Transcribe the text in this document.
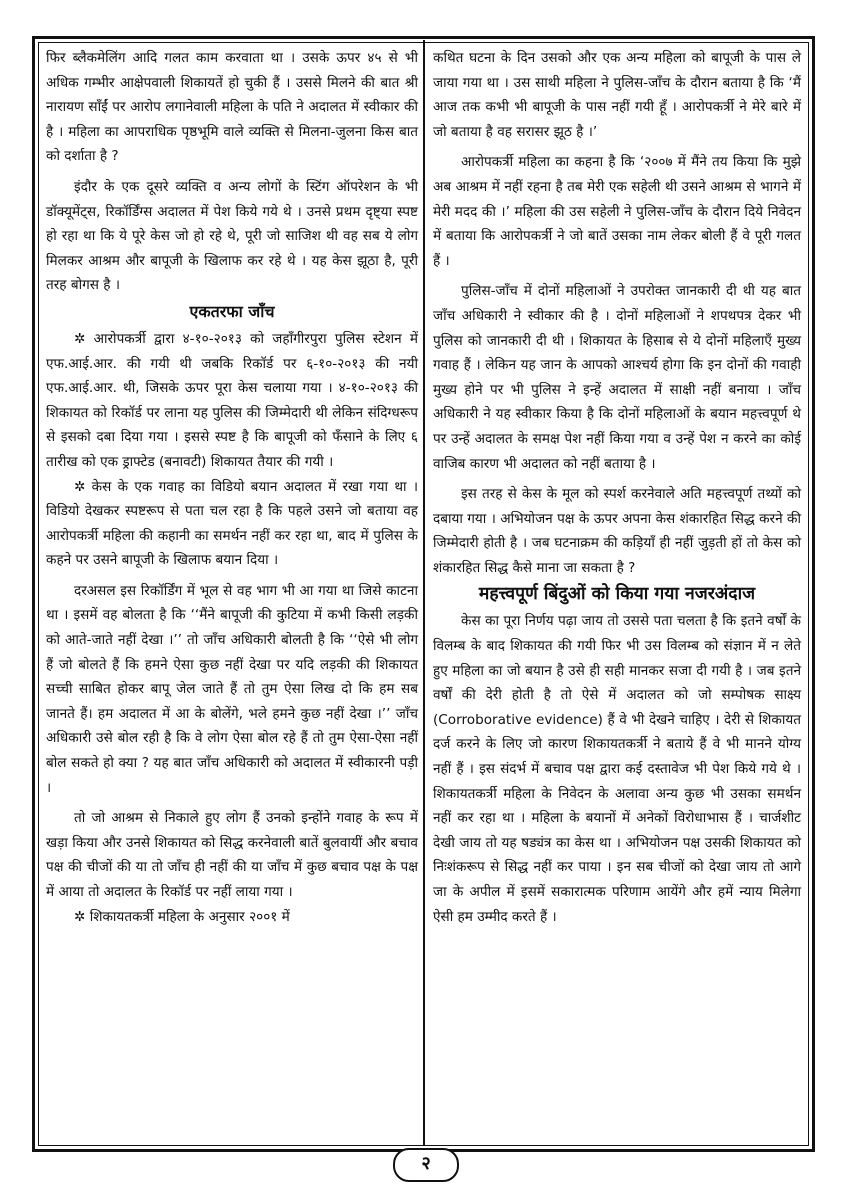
फिर ब्लैकमेलिंग आदि गलत काम करवाता था । उसके ऊपर ४५ से भी अधिक गम्भीर आक्षेपवाली शिकायतें हो चुकी हैं । उससे मिलने की बात श्री नारायण साँईं पर आरोप लगानेवाली महिला के पति ने अदालत में स्वीकार की है । महिला का आपराधिक पृष्ठभूमि वाले व्यक्ति से मिलना-जुलना किस बात को दर्शाता है ?

इंदौर के एक दूसरे व्यक्ति व अन्य लोगों के स्टिंग ऑपरेशन के भी डॉक्यूमेंट्स, रिकॉर्डिंग्स अदालत में पेश किये गये थे । उनसे प्रथम दृष्ट्या स्पष्ट हो रहा था कि ये पूरे केस जो हो रहे थे, पूरी जो साजिश थी वह सब ये लोग मिलकर आश्रम और बापूजी के खिलाफ कर रहे थे । यह केस झूठा है, पूरी तरह बोगस है ।

एकतरफा जाँच

✲ आरोपकर्त्री द्वारा ४-१०-२०१३ को जहाँगीरपुरा पुलिस स्टेशन में एफ.आई.आर. की गयी थी जबकि रिकॉर्ड पर ६-१०-२०१३ की नयी एफ.आई.आर. थी, जिसके ऊपर पूरा केस चलाया गया । ४-१०-२०१३ की शिकायत को रिकॉर्ड पर लाना यह पुलिस की जिम्मेदारी थी लेकिन संदिग्धरूप से इसको दबा दिया गया । इससे स्पष्ट है कि बापूजी को फँसाने के लिए ६ तारीख को एक ड्राफ्टेड (बनावटी) शिकायत तैयार की गयी ।

✲ केस के एक गवाह का विडियो बयान अदालत में रखा गया था । विडियो देखकर स्पष्टरूप से पता चल रहा है कि पहले उसने जो बताया वह आरोपकर्त्री महिला की कहानी का समर्थन नहीं कर रहा था, बाद में पुलिस के कहने पर उसने बापूजी के खिलाफ बयान दिया ।

दरअसल इस रिकॉर्डिंग में भूल से वह भाग भी आ गया था जिसे काटना था । इसमें वह बोलता है कि ‘‘मैंने बापूजी की कुटिया में कभी किसी लड़की को आते-जाते नहीं देखा ।’’ तो जाँच अधिकारी बोलती है कि ‘‘ऐसे भी लोग हैं जो बोलते हैं कि हमने ऐसा कुछ नहीं देखा पर यदि लड़की की शिकायत सच्ची साबित होकर बापू जेल जाते हैं तो तुम ऐसा लिख दो कि हम सब जानते हैं। हम अदालत में आ के बोलेंगे, भले हमने कुछ नहीं देखा ।’’ जाँच अधिकारी उसे बोल रही है कि वे लोग ऐसा बोल रहे हैं तो तुम ऐसा-ऐसा नहीं बोल सकते हो क्या ? यह बात जाँच अधिकारी को अदालत में स्वीकारनी पड़ी ।

तो जो आश्रम से निकाले हुए लोग हैं उनको इन्होंने गवाह के रूप में खड़ा किया और उनसे शिकायत को सिद्ध करनेवाली बातें बुलवायीं और बचाव पक्ष की चीजों की या तो जाँच ही नहीं की या जाँच में कुछ बचाव पक्ष के पक्ष में आया तो अदालत के रिकॉर्ड पर नहीं लाया गया ।

✲ शिकायतकर्त्री महिला के अनुसार २००१ में

कथित घटना के दिन उसको और एक अन्य महिला को बापूजी के पास ले जाया गया था । उस साथी महिला ने पुलिस-जाँच के दौरान बताया है कि ‘मैं आज तक कभी भी बापूजी के पास नहीं गयी हूँ । आरोपकर्त्री ने मेरे बारे में जो बताया है वह सरासर झूठ है ।’

आरोपकर्त्री महिला का कहना है कि ‘२००७ में मैंने तय किया कि मुझे अब आश्रम में नहीं रहना है तब मेरी एक सहेली थी उसने आश्रम से भागने में मेरी मदद की ।’ महिला की उस सहेली ने पुलिस-जाँच के दौरान दिये निवेदन में बताया कि आरोपकर्त्री ने जो बातें उसका नाम लेकर बोली हैं वे पूरी गलत हैं ।

पुलिस-जाँच में दोनों महिलाओं ने उपरोक्त जानकारी दी थी यह बात जाँच अधिकारी ने स्वीकार की है । दोनों महिलाओं ने शपथपत्र देकर भी पुलिस को जानकारी दी थी । शिकायत के हिसाब से ये दोनों महिलाएँ मुख्य गवाह हैं । लेकिन यह जान के आपको आश्चर्य होगा कि इन दोनों की गवाही मुख्य होने पर भी पुलिस ने इन्हें अदालत में साक्षी नहीं बनाया । जाँच अधिकारी ने यह स्वीकार किया है कि दोनों महिलाओं के बयान महत्त्वपूर्ण थे पर उन्हें अदालत के समक्ष पेश नहीं किया गया व उन्हें पेश न करने का कोई वाजिब कारण भी अदालत को नहीं बताया है ।

इस तरह से केस के मूल को स्पर्श करनेवाले अति महत्त्वपूर्ण तथ्यों को दबाया गया । अभियोजन पक्ष के ऊपर अपना केस शंकारहित सिद्ध करने की जिम्मेदारी होती है । जब घटनाक्रम की कड़ियाँ ही नहीं जुड़ती हों तो केस को शंकारहित सिद्ध कैसे माना जा सकता है ?

महत्त्वपूर्ण बिंदुओं को किया गया नजरअंदाज

केस का पूरा निर्णय पढ़ा जाय तो उससे पता चलता है कि इतने वर्षों के विलम्ब के बाद शिकायत की गयी फिर भी उस विलम्ब को संज्ञान में न लेते हुए महिला का जो बयान है उसे ही सही मानकर सजा दी गयी है । जब इतने वर्षों की देरी होती है तो ऐसे में अदालत को जो सम्पोषक साक्ष्य (Corroborative evidence) हैं वे भी देखने चाहिए । देरी से शिकायत दर्ज करने के लिए जो कारण शिकायतकर्त्री ने बताये हैं वे भी मानने योग्य नहीं हैं । इस संदर्भ में बचाव पक्ष द्वारा कई दस्तावेज भी पेश किये गये थे । शिकायतकर्त्री महिला के निवेदन के अलावा अन्य कुछ भी उसका समर्थन नहीं कर रहा था । महिला के बयानों में अनेकों विरोधाभास हैं । चार्जशीट देखी जाय तो यह षड्यंत्र का केस था । अभियोजन पक्ष उसकी शिकायत को निःशंकरूप से सिद्ध नहीं कर पाया । इन सब चीजों को देखा जाय तो आगे जा के अपील में इसमें सकारात्मक परिणाम आयेंगे और हमें न्याय मिलेगा ऐसी हम उम्मीद करते हैं ।

२
